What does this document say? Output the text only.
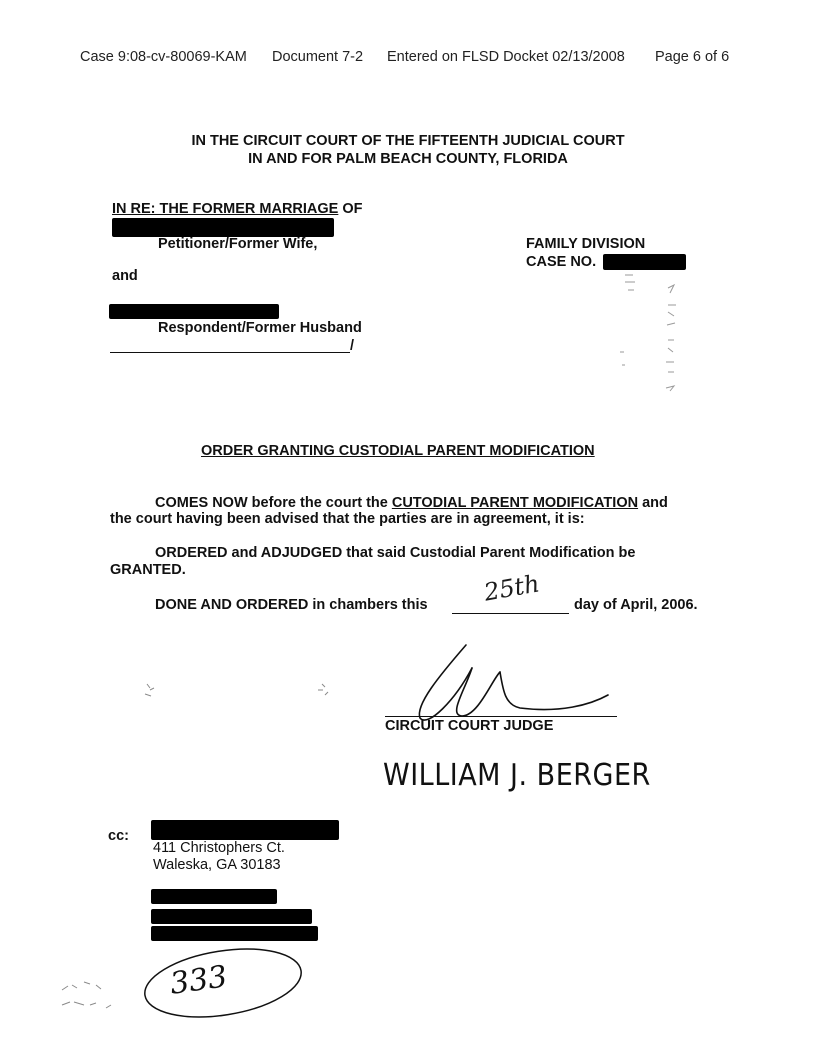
Case 9:08-cv-80069-KAM Document 7-2 Entered on FLSD Docket 02/13/2008 Page 6 of 6
IN THE CIRCUIT COURT OF THE FIFTEENTH JUDICIAL COURT
IN AND FOR PALM BEACH COUNTY, FLORIDA
IN RE: THE FORMER MARRIAGE OF
Petitioner/Former Wife,
and
Respondent/Former Husband
/
FAMILY DIVISION
CASE NO.
ORDER GRANTING CUSTODIAL PARENT MODIFICATION
COMES NOW before the court the CUTODIAL PARENT MODIFICATION and
the court having been advised that the parties are in agreement, it is:
ORDERED and ADJUDGED that said Custodial Parent Modification be
GRANTED.
DONE AND ORDERED in chambers this 25th day of April, 2006.
CIRCUIT COURT JUDGE
WILLIAM J. BERGER
cc:
411 Christophers Ct.
Waleska, GA 30183
333
